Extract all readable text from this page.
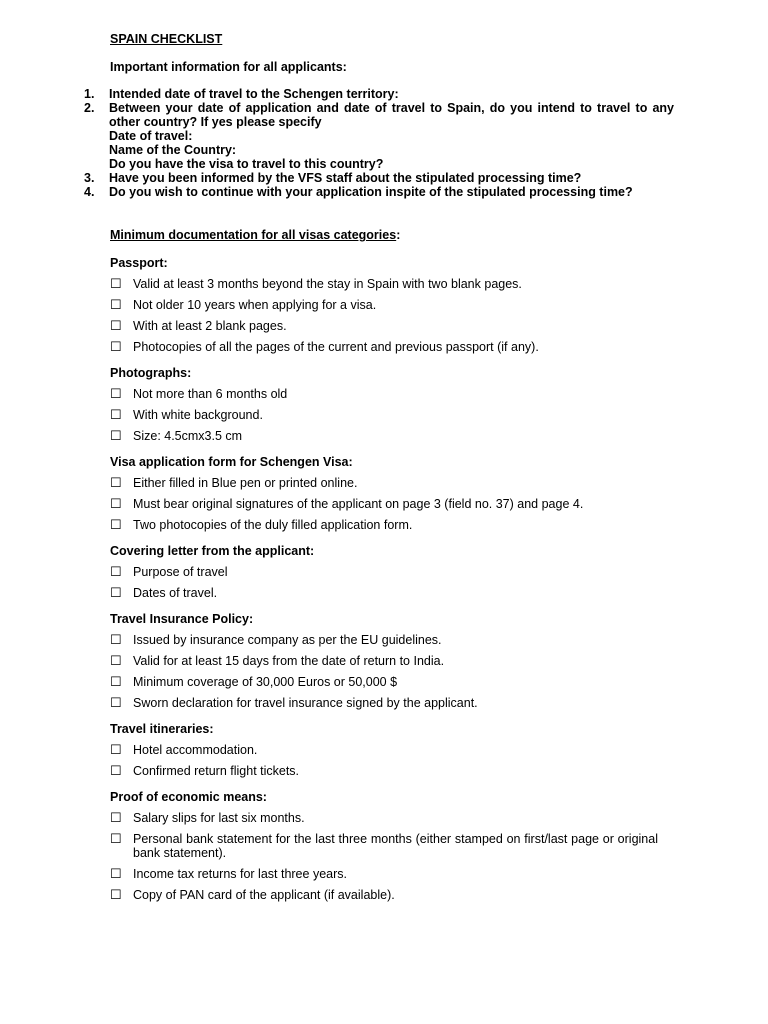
SPAIN CHECKLIST
Important information for all applicants:
1.	Intended date of travel to the Schengen territory:
2.	Between your date of application and date of travel to Spain, do you intend to travel to any other country? If yes please specify
Date of travel:
Name of the Country:
Do you have the visa to travel to this country?
3.	Have you been informed by the VFS staff about the stipulated processing time?
4.	Do you wish to continue with your application inspite of the stipulated processing time?
Minimum documentation for all visas categories:
Passport:
☐ Valid at least 3 months beyond the stay in Spain with two blank pages.
☐ Not older 10 years when applying for a visa.
☐ With at least 2 blank pages.
☐ Photocopies of all the pages of the current and previous passport (if any).
Photographs:
☐ Not more than 6 months old
☐ With white background.
☐ Size: 4.5cmx3.5 cm
Visa application form for Schengen Visa:
☐ Either filled in Blue pen or printed online.
☐ Must bear original signatures of the applicant on page 3 (field no. 37) and page 4.
☐ Two photocopies of the duly filled application form.
Covering letter from the applicant:
☐ Purpose of travel
☐ Dates of travel.
Travel Insurance Policy:
☐ Issued by insurance company as per the EU guidelines.
☐ Valid for at least 15 days from the date of return to India.
☐ Minimum coverage of 30,000 Euros or 50,000 $
☐ Sworn declaration for travel insurance signed by the applicant.
Travel itineraries:
☐ Hotel accommodation.
☐ Confirmed return flight tickets.
Proof of economic means:
☐ Salary slips for last six months.
☐ Personal bank statement for the last three months (either stamped on first/last page or original bank statement).
☐ Income tax returns for last three years.
☐ Copy of PAN card of the applicant (if available).
